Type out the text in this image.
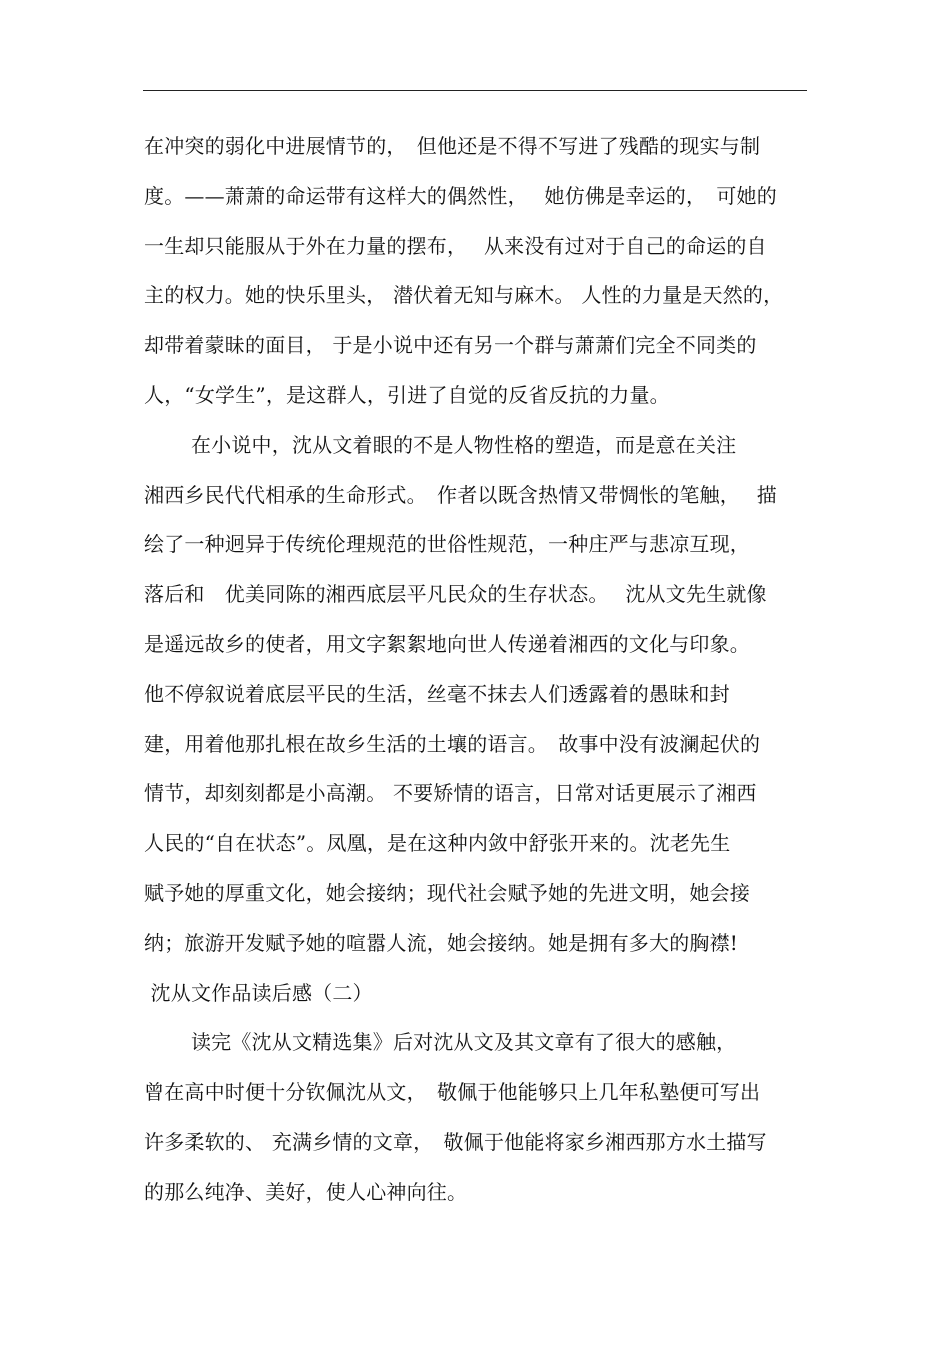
在冲突的弱化中进展情节的，　但他还是不得不写进了残酷的现实与制
度。——萧萧的命运带有这样大的偶然性，　 她仿佛是幸运的，　可她的
一生却只能服从于外在力量的摆布，　 从来没有过对于自己的命运的自
主的权力。她的快乐里头， 潜伏着无知与麻木。 人性的力量是天然的，
却带着蒙昧的面目， 于是小说中还有另一个群与萧萧们完全不同类的
人，“女学生”，是这群人，引进了自觉的反省反抗的力量。
　　 在小说中，沈从文着眼的不是人物性格的塑造，而是意在关注
湘西乡民代代相承的生命形式。　作者以既含热情又带惆怅的笔触，　 描
绘了一种迥异于传统伦理规范的世俗性规范，一种庄严与悲凉互现，
落后和　优美同陈的湘西底层平凡民众的生存状态。　 沈从文先生就像
是遥远故乡的使者，用文字絮絮地向世人传递着湘西的文化与印象。
他不停叙说着底层平民的生活，丝毫不抹去人们透露着的愚昧和封
建，用着他那扎根在故乡生活的土壤的语言。　故事中没有波澜起伏的
情节，却刻刻都是小高潮。 不要矫情的语言，日常对话更展示了湘西
人民的“自在状态”。凤凰，是在这种内敛中舒张开来的。沈老先生
赋予她的厚重文化，她会接纳；现代社会赋予她的先进文明，她会接
纳；旅游开发赋予她的喧嚣人流，她会接纳。她是拥有多大的胸襟!
沈从文作品读后感（二）
　　 读完《沈从文精选集》后对沈从文及其文章有了很大的感触，
曾在高中时便十分钦佩沈从文，　敬佩于他能够只上几年私塾便可写出
许多柔软的、 充满乡情的文章，　敬佩于他能将家乡湘西那方水土描写
的那么纯净、美好，使人心神向往。
